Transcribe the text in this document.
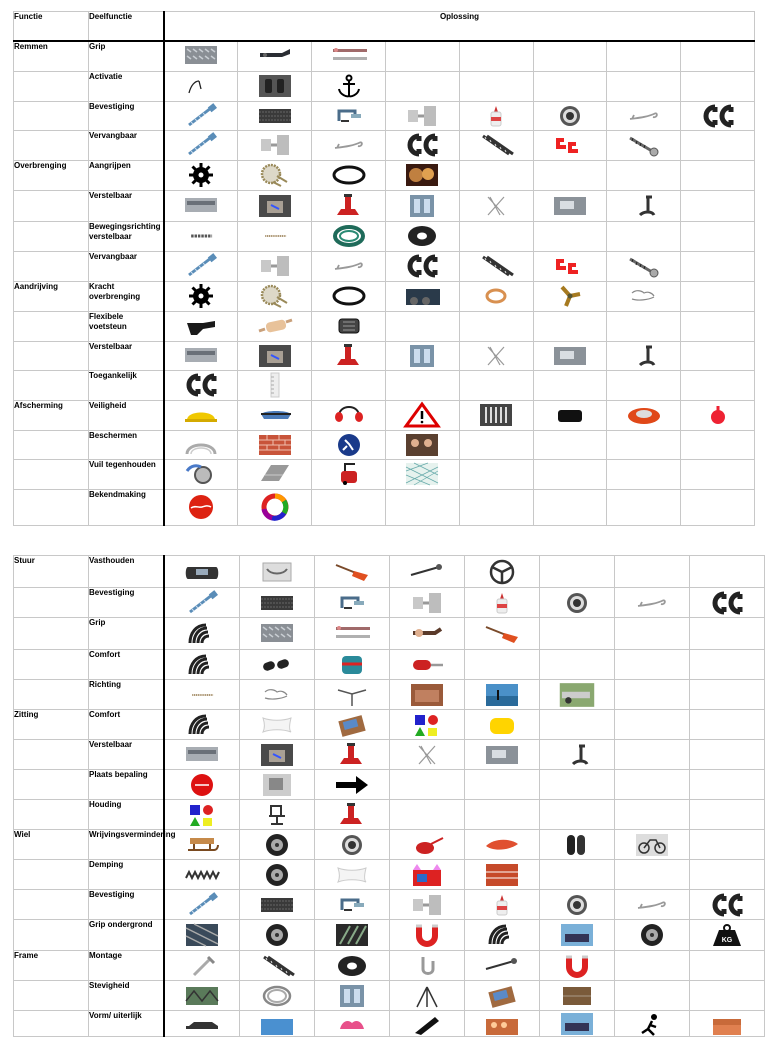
Functie	Deelfunctie	Oplossing							
Remmen	Grip	

	Activatie	

	Bevestiging	

	Vervangbaar	

Overbrenging	Aangrijpen	

	Verstelbaar	

	Bewegingsrichting verstelbaar	

	Vervangbaar	

Aandrijving	Kracht overbrenging	

	Flexibele voetsteun	

	Verstelbaar	

	Toegankelijk	

Afscherming	Veiligheid	

	Beschermen	

	Vuil tegenhouden	

	Bekendmaking	

Stuur	Vasthouden	

	Bevestiging	

	Grip	

	Comfort	

	Richting	

Zitting	Comfort	

	Verstelbaar	

	Plaats bepaling	

	Houding	

Wiel	Wrijvingsvermindering	

	Demping	

	Bevestiging	

	Grip ondergrond								KG

Frame	Montage	

	Stevigheid	

	Vorm/ uiterlijk	
